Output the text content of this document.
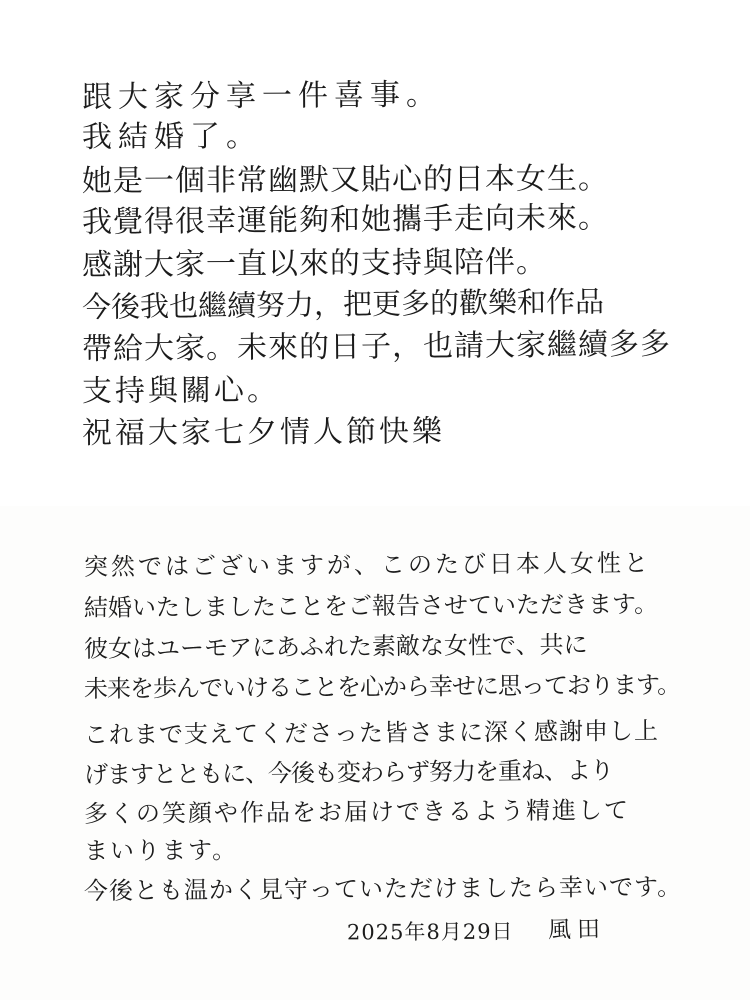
跟大家分享一件喜事。
我結婚了。
她是一個非常幽默又貼心的日本女生。
我覺得很幸運能夠和她攜手走向未來。
感謝大家一直以來的支持與陪伴。
今後我也繼續努力，把更多的歡樂和作品
帶給大家。未來的日子，也請大家繼續多多
支持與關心。
祝福大家七夕情人節快樂
突然ではございますが、このたび日本人女性と
結婚いたしましたことをご報告させていただきます。
彼女はユーモアにあふれた素敵な女性で、共に
未来を歩んでいけることを心から幸せに思っております。
これまで支えてくださった皆さまに深く感謝申し上
げますとともに、今後も変わらず努力を重ね、より
多くの笑顔や作品をお届けできるよう精進して
まいります。
今後とも温かく見守っていただけましたら幸いです。
2025年8月29日 風田
